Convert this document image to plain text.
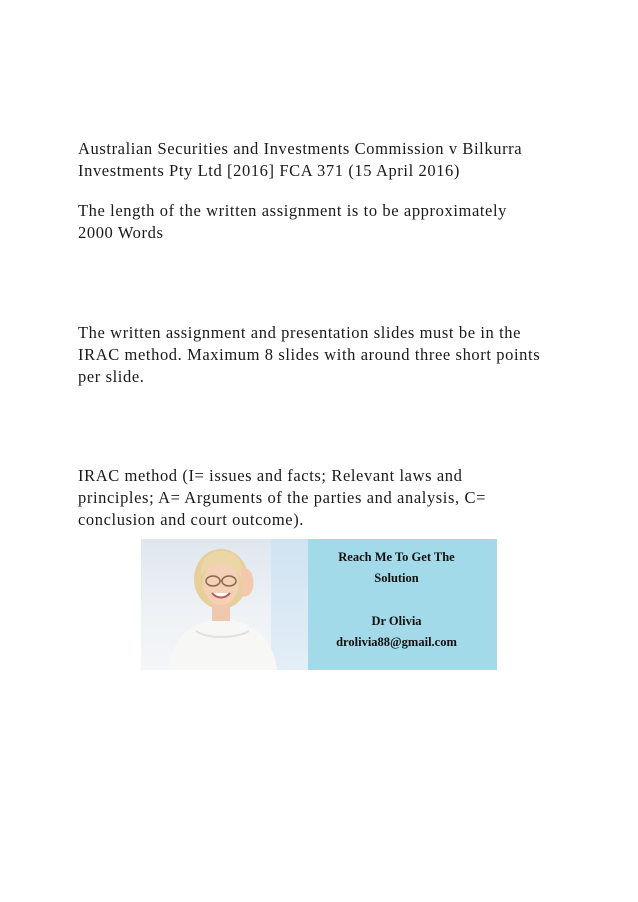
Australian Securities and Investments Commission v Bilkurra
Investments Pty Ltd [2016] FCA 371 (15 April 2016)
The length of the written assignment is to be approximately
2000 Words
The written assignment and presentation slides must be in the
IRAC method. Maximum 8 slides with around three short points
per slide.
IRAC method (I= issues and facts; Relevant laws and
principles; A= Arguments of the parties and analysis, C=
conclusion and court outcome).
Reach Me To Get The
Solution
Dr Olivia
drolivia88@gmail.com
